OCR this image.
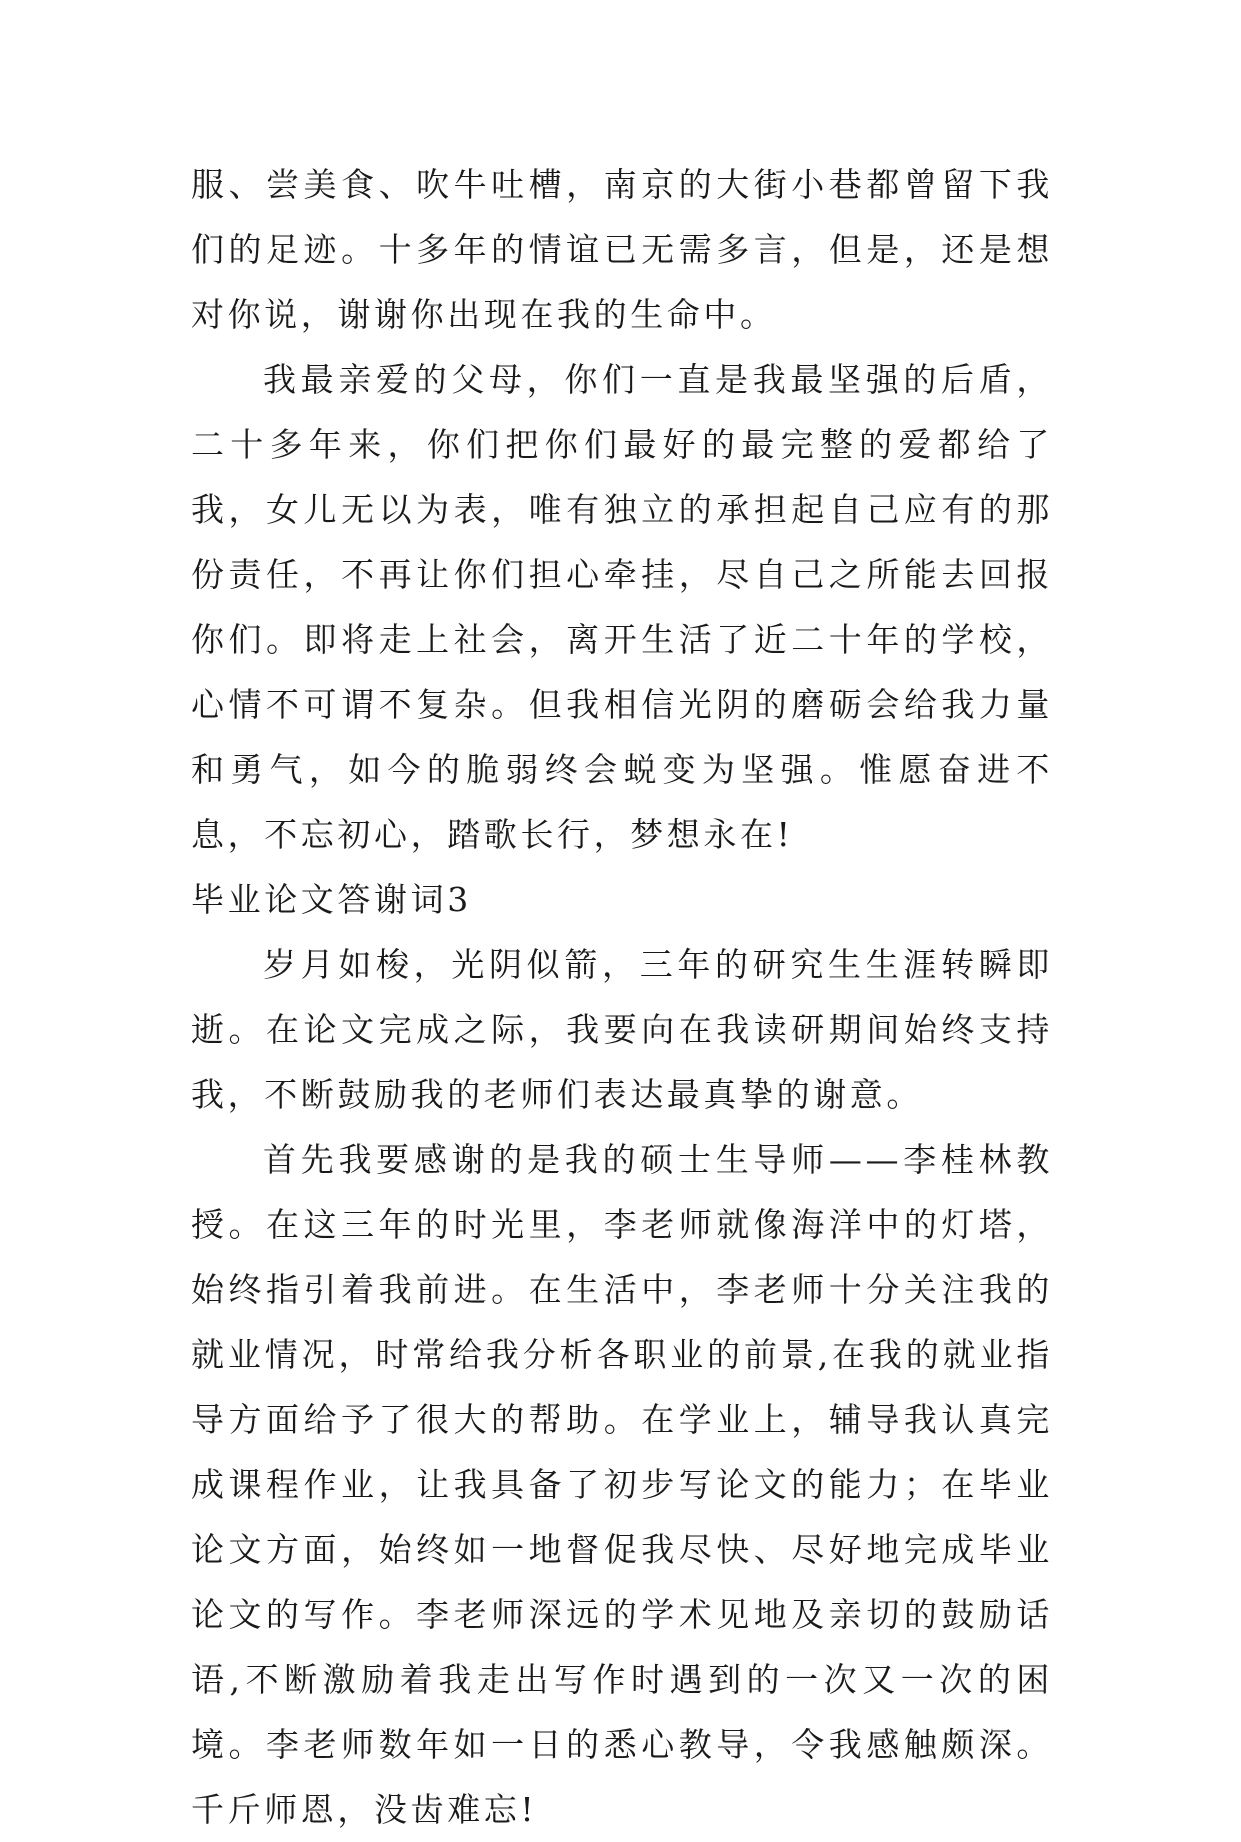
服、尝美食、吹牛吐槽，南京的大街小巷都曾留下我们的足迹。十多年的情谊已无需多言，但是，还是想对你说，谢谢你出现在我的生命中。

我最亲爱的父母，你们一直是我最坚强的后盾，二十多年来，你们把你们最好的最完整的爱都给了我，女儿无以为表，唯有独立的承担起自己应有的那份责任，不再让你们担心牵挂，尽自己之所能去回报你们。即将走上社会，离开生活了近二十年的学校，心情不可谓不复杂。但我相信光阴的磨砺会给我力量和勇气，如今的脆弱终会蜕变为坚强。惟愿奋进不息，不忘初心，踏歌长行，梦想永在!

毕业论文答谢词3

岁月如梭，光阴似箭，三年的研究生生涯转瞬即逝。在论文完成之际，我要向在我读研期间始终支持我，不断鼓励我的老师们表达最真挚的谢意。

首先我要感谢的是我的硕士生导师——李桂林教授。在这三年的时光里，李老师就像海洋中的灯塔，始终指引着我前进。在生活中，李老师十分关注我的就业情况，时常给我分析各职业的前景,在我的就业指导方面给予了很大的帮助。在学业上，辅导我认真完成课程作业，让我具备了初步写论文的能力；在毕业论文方面，始终如一地督促我尽快、尽好地完成毕业论文的写作。李老师深远的学术见地及亲切的鼓励话语,不断激励着我走出写作时遇到的一次又一次的困境。李老师数年如一日的悉心教导，令我感触颇深。千斤师恩，没齿难忘!
